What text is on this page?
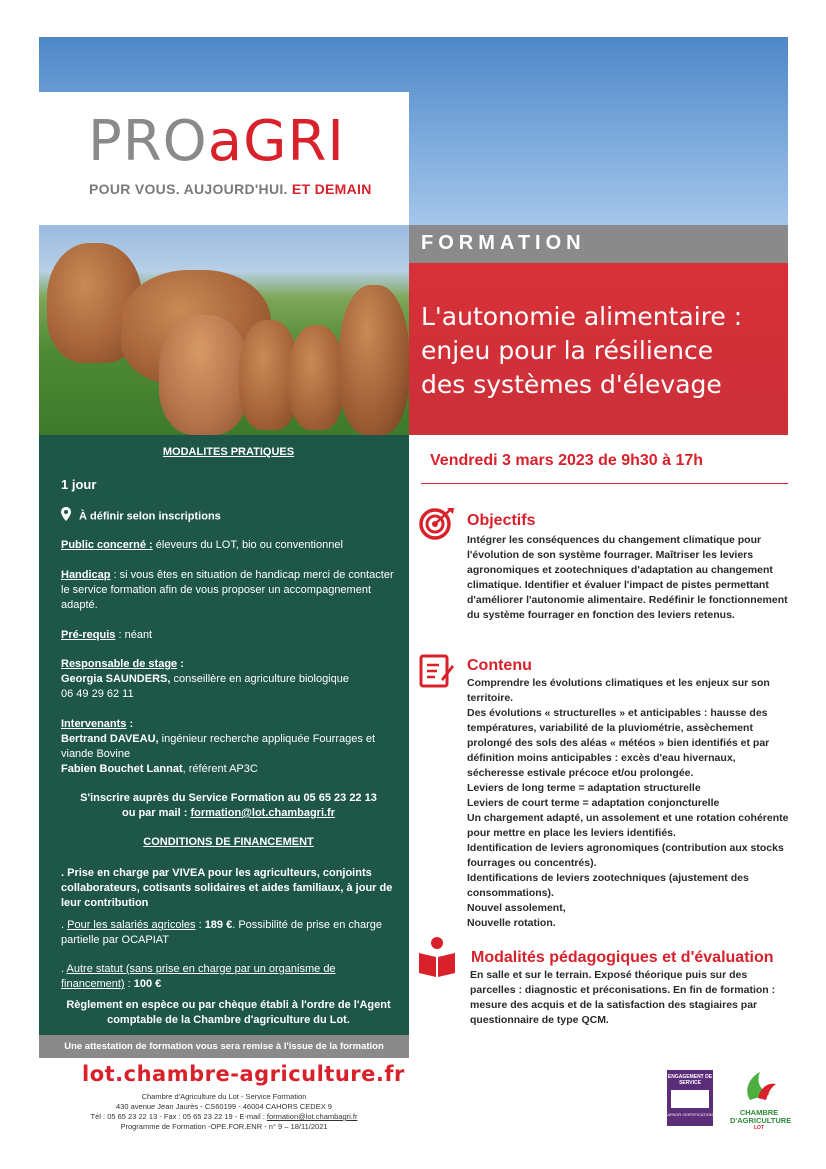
PROaGRI
POUR VOUS. AUJOURD'HUI. ET DEMAIN
FORMATION
L'autonomie alimentaire :
enjeu pour la résilience
des systèmes d'élevage
MODALITES PRATIQUES
1 jour
À définir selon inscriptions
Public concerné : éleveurs du LOT, bio ou conventionnel
Handicap : si vous êtes en situation de handicap merci de contacter le service formation afin de vous proposer un accompagnement adapté.
Pré-requis : néant
Responsable de stage :
Georgia SAUNDERS, conseillère en agriculture biologique
06 49 29 62 11
Intervenants :
Bertrand DAVEAU, ingénieur recherche appliquée Fourrages et viande Bovine
Fabien Bouchet Lannat, référent AP3C
S'inscrire auprès du Service Formation au 05 65 23 22 13
ou par mail : formation@lot.chambagri.fr
CONDITIONS DE FINANCEMENT
. Prise en charge par VIVEA pour les agriculteurs, conjoints collaborateurs, cotisants solidaires et aides familiaux, à jour de leur contribution
. Pour les salariés agricoles : 189 €. Possibilité de prise en charge partielle par OCAPIAT
. Autre statut (sans prise en charge par un organisme de financement) : 100 €
Règlement en espèce ou par chèque établi à l'ordre de l'Agent comptable de la Chambre d'agriculture du Lot.
Une attestation de formation vous sera remise à l'issue de la formation
Vendredi 3 mars 2023 de 9h30 à 17h
Objectifs
Intégrer les conséquences du changement climatique pour l'évolution de son système fourrager. Maîtriser les leviers agronomiques et zootechniques d'adaptation au changement climatique. Identifier et évaluer l'impact de pistes permettant d'améliorer l'autonomie alimentaire. Redéfinir le fonctionnement du système fourrager en fonction des leviers retenus.
Contenu
Comprendre les évolutions climatiques et les enjeux sur son territoire.
Des évolutions « structurelles » et anticipables : hausse des températures, variabilité de la pluviométrie, assèchement prolongé des sols des aléas « météos » bien identifiés et par définition moins anticipables : excès d'eau hivernaux, sécheresse estivale précoce et/ou prolongée.
Leviers de long terme = adaptation structurelle
Leviers de court terme = adaptation conjoncturelle
Un chargement adapté, un assolement et une rotation cohérente pour mettre en place les leviers identifiés.
Identification de leviers agronomiques (contribution aux stocks fourrages ou concentrés).
Identifications de leviers zootechniques (ajustement des consommations).
Nouvel assolement,
Nouvelle rotation.
Modalités pédagogiques et d'évaluation
En salle et sur le terrain. Exposé théorique puis sur des parcelles : diagnostic et préconisations. En fin de formation : mesure des acquis et de la satisfaction des stagiaires par questionnaire de type QCM.
lot.chambre-agriculture.fr
Chambre d'Agriculture du Lot - Service Formation
430 avenue Jean Jaurès - CS60199 - 46004 CAHORS CEDEX 9
Tél : 05 65 23 22 13 - Fax : 05 65 23 22 19 - E-mail : formation@lot.chambagri.fr
Programme de Formation -OPE.FOR.ENR - n° 9 – 18/11/2021
ENGAGEMENT DE SERVICE
AFNOR CERTIFICATION	CHAMBRE
D'AGRICULTURE
LOT
